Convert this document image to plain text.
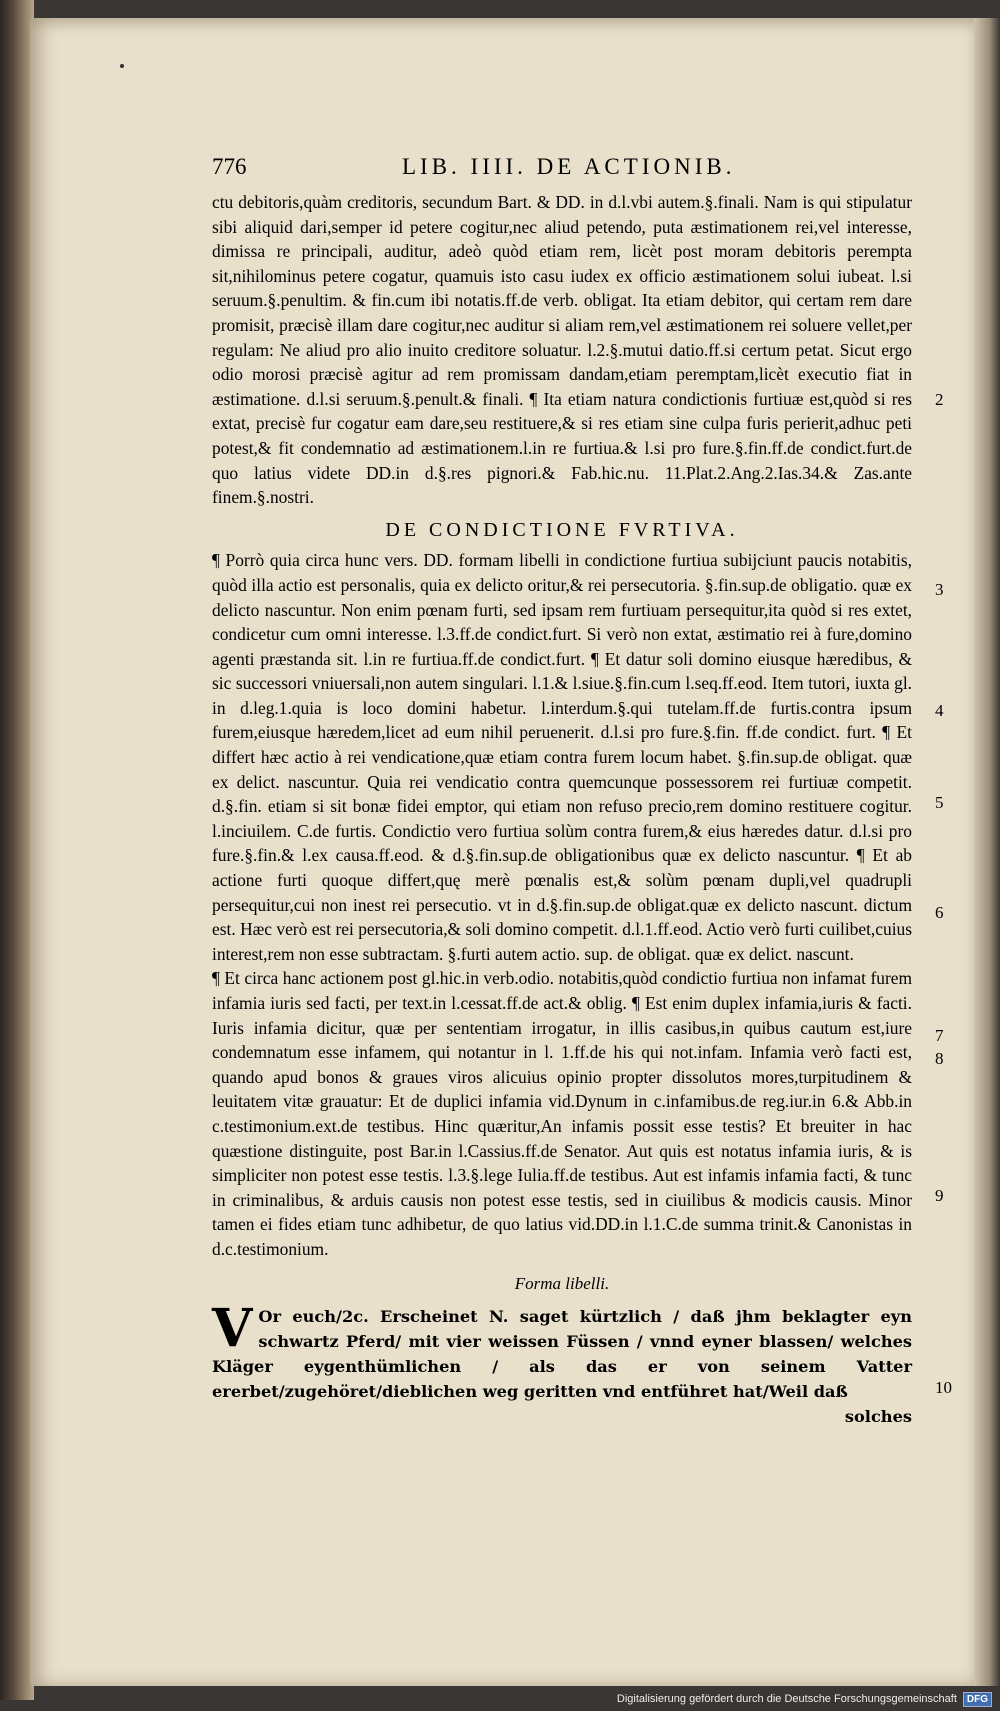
776	LIB. IIII. DE ACTIONIB.

ctu debitoris,quàm creditoris, secundum Bart. & DD. in d.l.vbi autem.§.finali. Nam is qui stipulatur sibi aliquid dari,semper id petere cogitur,nec aliud petendo, puta æstimationem rei,vel interesse, dimissa re principali, auditur, adeò quòd etiam rem, licèt post moram debitoris perempta sit,nihilominus petere cogatur, quamuis isto casu iudex ex officio æstimationem solui iubeat. l.si seruum.§.penultim. & fin.cum ibi notatis.ff.de verb. obligat. Ita etiam debitor, qui certam rem dare promisit, præcisè illam dare cogitur,nec auditur si aliam rem,vel æstimationem rei soluere vellet,per regulam: Ne aliud pro alio inuito creditore soluatur. l.2.§.mutui datio.ff.si certum petat. Sicut ergo odio morosi præcisè agitur ad rem promissam dandam,etiam peremptam,licèt executio fiat in æstimatione. d.l.si seruum.§.penult.& finali. ¶ Ita etiam natura condictionis furtiuæ est,quòd si res extat, precisè fur cogatur eam dare,seu restituere,& si res etiam sine culpa furis perierit,adhuc peti potest,& fit condemnatio ad æstimationem.l.in re furtiua.& l.si pro fure.§.fin.ff.de condict.furt.de quo latius videte DD.in d.§.res pignori.& Fab.hic.nu. 11.Plat.2.Ang.2.Ias.34.& Zas.ante finem.§.nostri.

DE CONDICTIONE FVRTIVA.

¶ Porrò quia circa hunc vers. DD. formam libelli in condictione furtiua subijciunt paucis notabitis, quòd illa actio est personalis, quia ex delicto oritur,& rei persecutoria. §.fin.sup.de obligatio. quæ ex delicto nascuntur. Non enim pœnam furti, sed ipsam rem furtiuam persequitur,ita quòd si res extet, condicetur cum omni interesse. l.3.ff.de condict.furt. Si verò non extat, æstimatio rei à fure,domino agenti præstanda sit. l.in re furtiua.ff.de condict.furt. ¶ Et datur soli domino eiusque hæredibus, & sic successori vniuersali,non autem singulari. l.1.& l.siue.§.fin.cum l.seq.ff.eod. Item tutori, iuxta gl. in d.leg.1.quia is loco domini habetur. l.interdum.§.qui tutelam.ff.de furtis.contra ipsum furem,eiusque hæredem,licet ad eum nihil peruenerit. d.l.si pro fure.§.fin. ff.de condict. furt. ¶ Et differt hæc actio à rei vendicatione,quæ etiam contra furem locum habet. §.fin.sup.de obligat. quæ ex delict. nascuntur. Quia rei vendicatio contra quemcunque possessorem rei furtiuæ competit. d.§.fin. etiam si sit bonæ fidei emptor, qui etiam non refuso precio,rem domino restituere cogitur. l.inciuilem. C.de furtis. Condictio vero furtiua solùm contra furem,& eius hæredes datur. d.l.si pro fure.§.fin.& l.ex causa.ff.eod. & d.§.fin.sup.de obligationibus quæ ex delicto nascuntur. ¶ Et ab actione furti quoque differt,quę merè pœnalis est,& solùm pœnam dupli,vel quadrupli persequitur,cui non inest rei persecutio. vt in d.§.fin.sup.de obligat.quæ ex delicto nascunt. dictum est. Hæc verò est rei persecutoria,& soli domino competit. d.l.1.ff.eod. Actio verò furti cuilibet,cuius interest,rem non esse subtractam. §.furti autem actio. sup. de obligat. quæ ex delict. nascunt.

¶ Et circa hanc actionem post gl.hic.in verb.odio. notabitis,quòd condictio furtiua non infamat furem infamia iuris sed facti, per text.in l.cessat.ff.de act.& oblig. ¶ Est enim duplex infamia,iuris & facti. Iuris infamia dicitur, quæ per sententiam irrogatur, in illis casibus,in quibus cautum est,iure condemnatum esse infamem, qui notantur in l. 1.ff.de his qui not.infam. Infamia verò facti est, quando apud bonos & graues viros alicuius opinio propter dissolutos mores,turpitudinem & leuitatem vitæ grauatur: Et de duplici infamia vid.Dynum in c.infamibus.de reg.iur.in 6.& Abb.in c.testimonium.ext.de testibus. Hinc quæritur,An infamis possit esse testis? Et breuiter in hac quæstione distinguite, post Bar.in l.Cassius.ff.de Senator. Aut quis est notatus infamia iuris, & is simpliciter non potest esse testis. l.3.§.lege Iulia.ff.de testibus. Aut est infamis infamia facti, & tunc in criminalibus, & arduis causis non potest esse testis, sed in ciuilibus & modicis causis. Minor tamen ei fides etiam tunc adhibetur, de quo latius vid.DD.in l.1.C.de summa trinit.& Canonistas in d.c.testimonium.

Forma libelli.
V Or euch/2c. Erscheinet N. saget kürtzlich / daß jhm beklagter eyn schwartz Pferd/ mit vier weissen Füssen / vnnd eyner blassen/ welches Kläger eygenthümlichen / als das er von seinem Vatter ererbet/zugehöret/dieblichen weg geritten vnd entführet hat/Weil daß
solches
2
3
4
5
6
7
8
9
10
Digitalisierung gefördert durch die Deutsche Forschungsgemeinschaft	DFG
